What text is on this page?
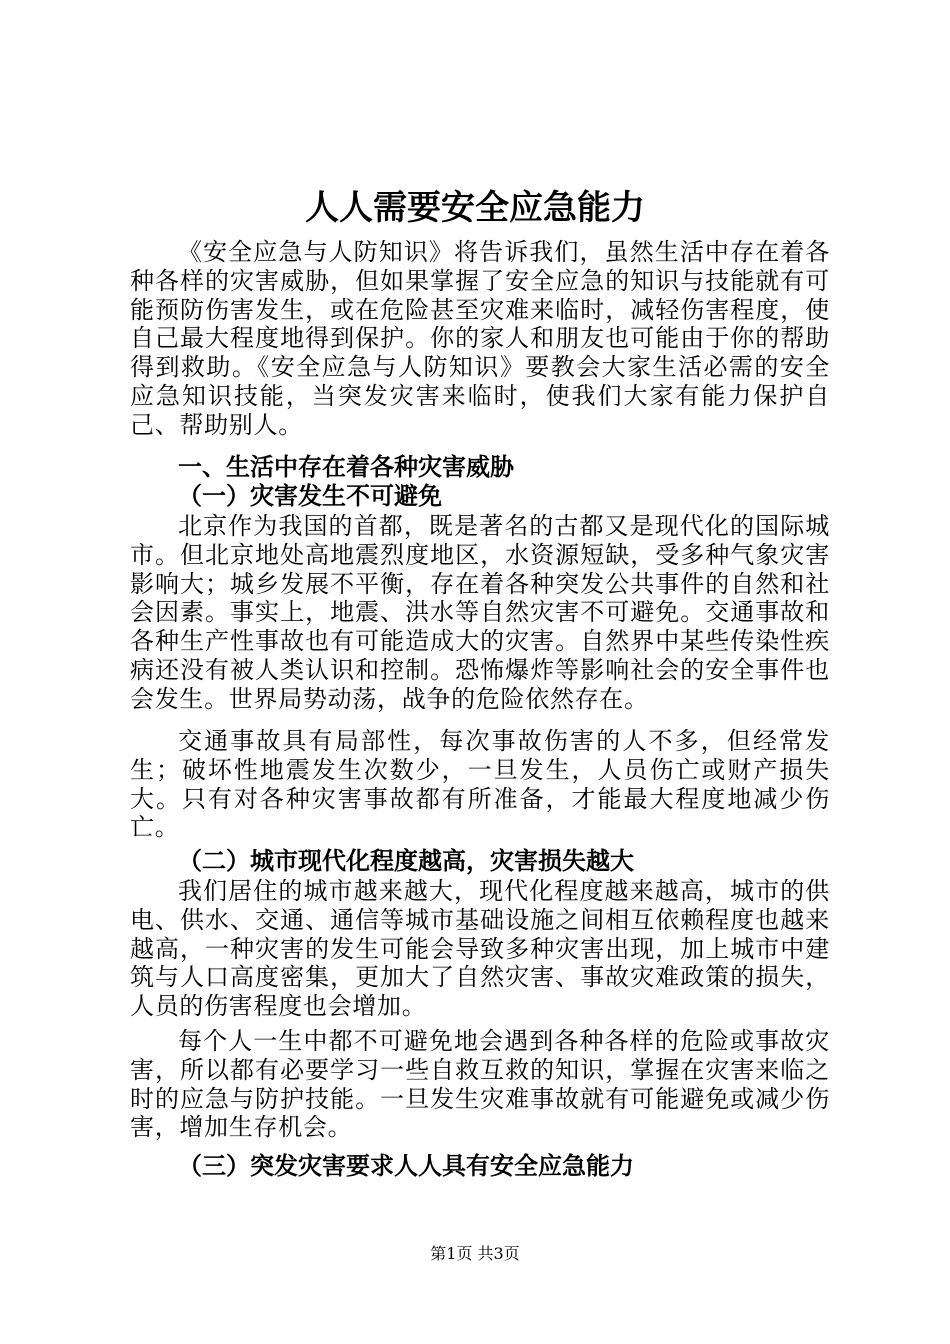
人人需要安全应急能力

《安全应急与人防知识》将告诉我们，虽然生活中存在着各种各样的灾害威胁，但如果掌握了安全应急的知识与技能就有可能预防伤害发生，或在危险甚至灾难来临时，减轻伤害程度，使自己最大程度地得到保护。你的家人和朋友也可能由于你的帮助得到救助。《安全应急与人防知识》要教会大家生活必需的安全应急知识技能，当突发灾害来临时，使我们大家有能力保护自己、帮助别人。

一、生活中存在着各种灾害威胁
（一）灾害发生不可避免

北京作为我国的首都，既是著名的古都又是现代化的国际城市。但北京地处高地震烈度地区，水资源短缺，受多种气象灾害影响大；城乡发展不平衡，存在着各种突发公共事件的自然和社会因素。事实上，地震、洪水等自然灾害不可避免。交通事故和各种生产性事故也有可能造成大的灾害。自然界中某些传染性疾病还没有被人类认识和控制。恐怖爆炸等影响社会的安全事件也会发生。世界局势动荡，战争的危险依然存在。

交通事故具有局部性，每次事故伤害的人不多，但经常发生；破坏性地震发生次数少，一旦发生，人员伤亡或财产损失大。只有对各种灾害事故都有所准备，才能最大程度地减少伤亡。

（二）城市现代化程度越高，灾害损失越大

我们居住的城市越来越大，现代化程度越来越高，城市的供电、供水、交通、通信等城市基础设施之间相互依赖程度也越来越高，一种灾害的发生可能会导致多种灾害出现，加上城市中建筑与人口高度密集，更加大了自然灾害、事故灾难政策的损失，人员的伤害程度也会增加。

每个人一生中都不可避免地会遇到各种各样的危险或事故灾害，所以都有必要学习一些自救互救的知识，掌握在灾害来临之时的应急与防护技能。一旦发生灾难事故就有可能避免或减少伤害，增加生存机会。

（三）突发灾害要求人人具有安全应急能力
第1页 共3页
